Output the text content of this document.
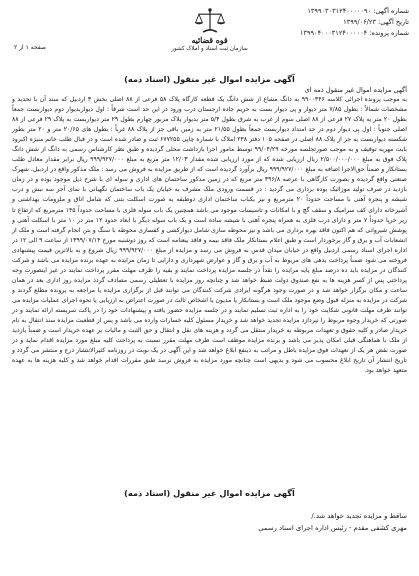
شماره آگهی: ۱۳۹۹۰۳۰۳۱۲۴۰۰۰۰۰۹۰
تاریخ آگهی: ۱۳۹۹/۰۶/۲۳
شماره پرونده: ۱۳۹۹۰۴۰۰۰۳۱۲۴۰۰۰۰۰۴
قوه قضائیه
سازمان ثبت اسناد و املاک کشور
صفحه ۱ از ۲
آگهی مزایده اموال غیر منقول (اسناد ذمه)
آگهی مزایده اموال غیر منقول ذمه ای
به موجب پرونده اجرائی کلاسه ۹۹۰۰۳۴۶ به دانگ مشاع از شش دانگ یک قطعه کارگاه پلاک ۵۸ فرعی از ۸۸ اصلی بخش ۳ اردبیل که سند آن با تحدید و مشخصات شمالاً : بطول ۷/۸۵ متر دیوار و پی دیوار بست به حریم جاده ارجستان درب ورود در این حد است شرقاً : اول دیواربدیوار دوم دیواربست جمعاً بطول ۲۰ متر به پلاک ۲۷ فرعی از ۸۸ اصلی سوم از غرب به شرق بطول ۵/۴ متر بدیوار پلاک مزبور چهارم بطول ۲۹ متر دیواربست به پلاک ۲۹ فرعی از ۸۸ اصلی جنوباً : اول پی دیوار دوم در حد امتداد دیواربست جمعاً بطول ۲۱/۵۵ متر به زمین باقی جز از پلاک ۸۸ غرباً : بطول های ۲۰/۶۵ متر و ۲۰ متر بطور شکسته دیواربست به جز از پلاک ۸۸ اصلی در صفحه ۱۰۵ دفتر ۲۳۸ املاک با شماره چاپی ۶۷۷۲۵۵ ثبت و صادر شده است و در قبال طلب خانم منیژه اکبرود بابت مهریه توقیف و به موجب صورتجلسه مورخه ۹۹/۰۴/۲۹ توسط مامور اجرا بازداشت محلی گردیده و طبق نظر کارشناس رسمی به دانگ از شش دانگ پلاک فوق به مبلغ ۲/۵۰۰/۰۰۰/۰۰۰ ریال ارزیابی شده که از مورد ارزیابی شده مقدار ۱۲/۰۳ متر مربع به مبلغ ۹۹۹/۹۲۷/۰۰۰ ریال برابر مقدار معادل طلب بستانکار و ضمناً حق‌الاجرا اضافه به مبلغ ۹۹۹/۹۲۷/۰۰۰ ریال برآورد گردیده است که از طریق مزایده به فروش می رسد : ملک مذکور واقع در اردبیل، شهرک صنعتی واقع گردیده و بصورت کارگاهی با عرصه ۳۹۶/۸ متر مربع که در زمین مذکور ساختمان های اداری و سوله ای با شرح ذیل موجود بوده و در زمان بازدید در صرف تولید موزائیک بوده برداری می گردید : در قسمت ورودی ملک مشرف به خیابان یک باب ساختمان نگهبانی با نمای آجر سه نبش و درب شیشه و پنجره آهنی با مساحت حدوداً ۲۰ مترمربع و نیز یکباب ساختمان اداری دوطبقه به صورت اسکلت بتنی که شامل اتاق و ملزومات بهداشتی و آشپزخانه دارای کف سرامیک و سقف گچ و با امکانات و تاسیسات موجود می باشد همچنین یک باب سوله فلزی با مساحت حدوداً ۱۴۵ مترمربع که ارتفاع تا زیر خرپا حدوداً ۷ متر و دارای درب فلزی به همراه پنجره آهنی با شیشه ساده است و یک باب سوله دیگر با ابعاد حدود ۱۲ متر در ۱۰ متر با اسکلت آهنی و پوشش شیروانی که هم اکنون فاقد بهره برداری می باشد و نیز محوطه سازی شامل دیوارکشی و کفسازی محوطه با سنگ و بتن انجام گرفته است و ملک از انشعابات آب و برق و گاز برخوردار است و طبق اعلام بستانکار ملک فاقد بیمه و فاقد بیعنامه است که روز دوشنبه مورخ ۱۳۹۹/۰۷/۱۴ از ساعت ۹ الی ۱۲ در اداره اجرای اسناد رسمی اردبیل واقع در خیابان میدان قدس به فروش می رسد و مزایده از مبلغ ۹۹۹/۹۲۷/۰۰۰ ریال شروع و به بالاترین قیمت پیشنهادی فروخته می شود ضمناً پرداخت بدهی های مربوط به آب و برق و گاز و عوارض شهرداری و دارایی تا زمان مزایده به عهده برنده مزایده می باشد و شرکت کنندگان در مزایده باید ده درصد مبلغ پایه مزایده را نقداً در جلسه مزایده پرداخت نمایند و بقیه را ظرف مهلت مقرر پرداخت نمایند در غیر اینصورت وجه پرداختی پس از کسر هزینه ها به نفع صندوق دولت ضبط خواهد شد و چنانچه روز مزایده با تعطیلی رسمی مصادف گردد مزایده روز اداری بعد در همان ساعت و مکان برگزار خواهد شد و در صورت وجود هرگونه ایرادی شرکت کنندگان می توانند قبل از برگزاری مزایده با مراجعه به پرونده مطلع گردند و شرکت در مزایده به منزله قبول وضع موجود ملک است و بستانکار یا مدیون یا اشخاص ثالث در صورت اعتراض به ارزیابی یا نحوه اجرای عملیات مزایده می توانند ظرف مهلت قانونی شکایت خود را به اداره ثبت تسلیم نمایند و در جلسه مزایده حضور یافته و پیشنهادات خود را در پاکت سربسته ارائه نمایند و در صورتی که خریدار وجوه مربوط را نپردازد مزایده تجدید خواهد شد و خریدار مسئول کلیه خسارات وارده می باشد و پس از قطعیت مزایده سند انتقال به نام خریدار صادر و کلیه حقوق و تعهدات مربوطه به خریدار منتقل می گردد و هزینه های نقل و انتقال و حق الثبت و مالیات بر عهده خریدار است و ضمناً بازدید از ملک با هماهنگی قبلی امکان پذیر می باشد و برنده مزایده موظف است ظرف مهلت مقرر نسبت به پرداخت کلیه مبلغ مورد مزایده اقدام نماید و در صورت نقض هر یک از تعهدات فوق مزایده باطل و مراتب به ذینفع ابلاغ خواهد شد و این آگهی در یک نوبت در روزنامه کثیرالانتشار درج و منتشر می گردد و تاریخ انتشار آن تاریخ ابلاغ محسوب می شود و بدیهی است چنانچه مورد مزایده به فروش نرسد طبق مقررات اقدام خواهد شد و کلیه هزینه ها به عهده متعهد خواهد بود.
آگهی مزایده اموال غیر منقول (اسناد ذمه)
ساقط و مزایده تجدید خواهد شد./
مهری کشفی مقدم - رئیس اداره اجرای اسناد رسمی
